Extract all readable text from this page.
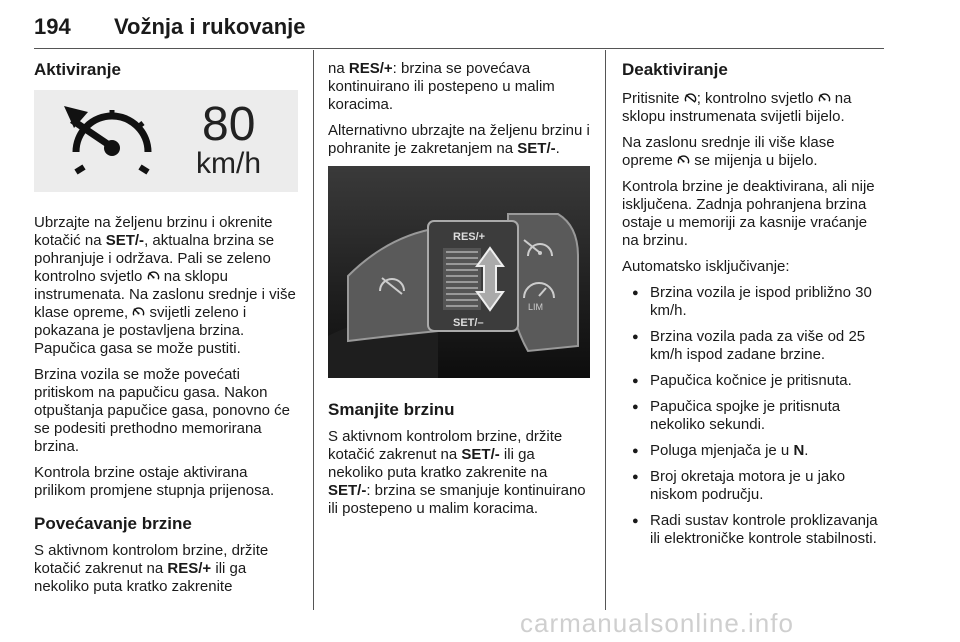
194 Vožnja i rukovanje
Aktiviranje
80
km/h

Ubrzajte na željenu brzinu i okrenite kotačić na SET/-, aktualna brzina se pohranjuje i održava. Pali se zeleno kontrolno svjetlo  na sklopu instrumenata. Na zaslonu srednje i više klase opreme,  svijetli zeleno i pokazana je postavljena brzina. Papučica gasa se može pustiti.

Brzina vozila se može povećati pritiskom na papučicu gasa. Nakon otpuštanja papučice gasa, ponovno će se podesiti prethodno memorirana brzina.

Kontrola brzine ostaje aktivirana prilikom promjene stupnja prijenosa.

Povećavanje brzine

S aktivnom kontrolom brzine, držite kotačić zakrenut na RES/+ ili ga nekoliko puta kratko zakrenite

na RES/+: brzina se povećava kontinuirano ili postepeno u malim koracima.

Alternativno ubrzajte na željenu brzinu i pohranite je zakretanjem na SET/-.

RES/+
SET/–
LIM
Smanjite brzinu

S aktivnom kontrolom brzine, držite kotačić zakrenut na SET/- ili ga nekoliko puta kratko zakrenite na SET/-: brzina se smanjuje kontinuirano ili postepeno u malim koracima.

Deaktiviranje

Pritisnite ; kontrolno svjetlo  na sklopu instrumenata svijetli bijelo.

Na zaslonu srednje ili više klase opreme  se mijenja u bijelo.

Kontrola brzine je deaktivirana, ali nije isključena. Zadnja pohranjena brzina ostaje u memoriji za kasnije vraćanje na brzinu.

Automatsko isključivanje:

● Brzina vozila je ispod približno 30 km/h.
● Brzina vozila pada za više od 25 km/h ispod zadane brzine.
● Papučica kočnice je pritisnuta.
● Papučica spojke je pritisnuta nekoliko sekundi.
● Poluga mjenjača je u N.
● Broj okretaja motora je u jako niskom području.
● Radi sustav kontrole proklizavanja ili elektroničke kontrole stabilnosti.
carmanualsonline.info
